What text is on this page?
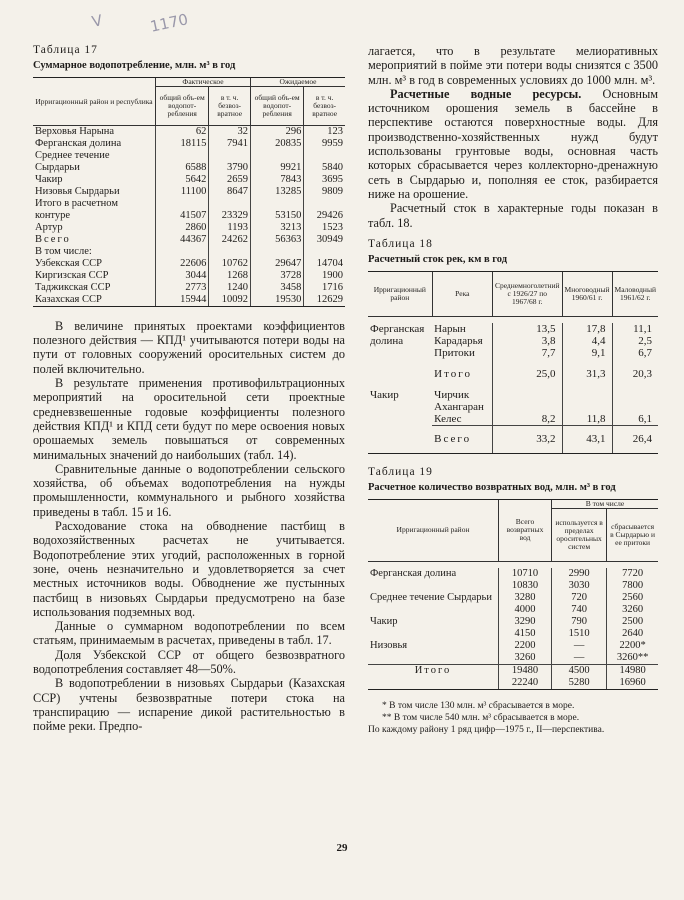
V	1170
Таблица 17
Суммарное водопотребление, млн. м³ в год
Ирригационный район и республика	Фактическое		Ожидаемое	
	общий объ-ем водопот-ребления	в т. ч. безвоз-вратное	общий объ-ем водопот-ребления	в т. ч. безвоз-вратное
Верховья Нарына	62	32	296	123
Ферганская долина	18115	7941	20835	9959
Среднее течение				
Сырдарьи	6588	3790	9921	5840
Чакир	5642	2659	7843	3695
Низовья Сырдарьи	11100	8647	13285	9809
Итого в расчетном				
контуре	41507	23329	53150	29426
Артур	2860	1193	3213	1523
Всего	44367	24262	56363	30949
В том числе:				
Узбекская ССР	22606	10762	29647	14704
Киргизская ССР	3044	1268	3728	1900
Таджикская ССР	2773	1240	3458	1716
Казахская ССР	15944	10092	19530	12629

В величине принятых проектами коэффициентов полезного действия — КПД¹ учитываются потери воды на пути от головных сооружений оросительных систем до полей включительно.

В результате применения противофильтрационных мероприятий на оросительной сети проектные средневзвешенные годовые коэффициенты полезного действия КПД¹ и КПД сети будут по мере освоения новых орошаемых земель повышаться от современных минимальных значений до наибольших (табл. 14).

Сравнительные данные о водопотреблении сельского хозяйства, об объемах водопотребления на нужды промышленности, коммунального и рыбного хозяйства приведены в табл. 15 и 16.

Расходование стока на обводнение пастбищ в водохозяйственных расчетах не учитывается. Водопотребление этих угодий, расположенных в горной зоне, очень незначительно и удовлетворяется за счет местных источников воды. Обводнение же пустынных пастбищ в низовьях Сырдарьи предусмотрено на базе использования подземных вод.

Данные о суммарном водопотреблении по всем статьям, принимаемым в расчетах, приведены в табл. 17.

Доля Узбекской ССР от общего безвозвратного водопотребления составляет 48—50%.

В водопотреблении в низовьях Сырдарьи (Казахская ССР) учтены безвозвратные потери стока на транспирацию — испарение дикой растительностью в пойме реки. Предпо-

лагается, что в результате мелиоративных мероприятий в пойме эти потери воды снизятся с 3500 млн. м³ в год в современных условиях до 1000 млн. м³.

Расчетные водные ресурсы. Основным источником орошения земель в бассейне в перспективе остаются поверхностные воды. Для производственно-хозяйственных нужд будут использованы грунтовые воды, основная часть которых сбрасывается через коллекторно-дренажную сеть в Сырдарью и, пополняя ее сток, разбирается ниже на орошение.

Расчетный сток в характерные годы показан в табл. 18.

Таблица 18
Расчетный сток рек, км в год
Ирригационный район	Река	Среднемноголетний с 1926/27 по 1967/68 г.	Многоводный 1960/61 г.	Маловодный 1961/62 г.

Ферганская долина	Нарын	13,5	17,8	11,1
	Карадарья	3,8	4,4	2,5
	Притоки	7,7	9,1	6,7
	Итого	25,0	31,3	20,3
Чакир	Чирчик			
	Ахангаран			
	Келес	8,2	11,8	6,1
	Всего	33,2	43,1	26,4
Таблица 19
Расчетное количество возвратных вод, млн. м³ в год
Ирригационный район	Всего возвратных вод	В том числе	
		используется в пределах оросительных систем	сбрасывается в Сырдарью и ее притоки

Ферганская долина	10710	2990	7720
	10830	3030	7800
Среднее течение Сырдарьи	3280	720	2560
	4000	740	3260
Чакир	3290	790	2500
	4150	1510	2640
Низовья	2200	—	2200*
	3260	—	3260**
Итого	19480	4500	14980
	22240	5280	16960

* В том числе 130 млн. м³ сбрасывается в море.

** В том числе 540 млн. м³ сбрасывается в море.

По каждому району 1 ряд цифр—1975 г., II—перспектива.

29
